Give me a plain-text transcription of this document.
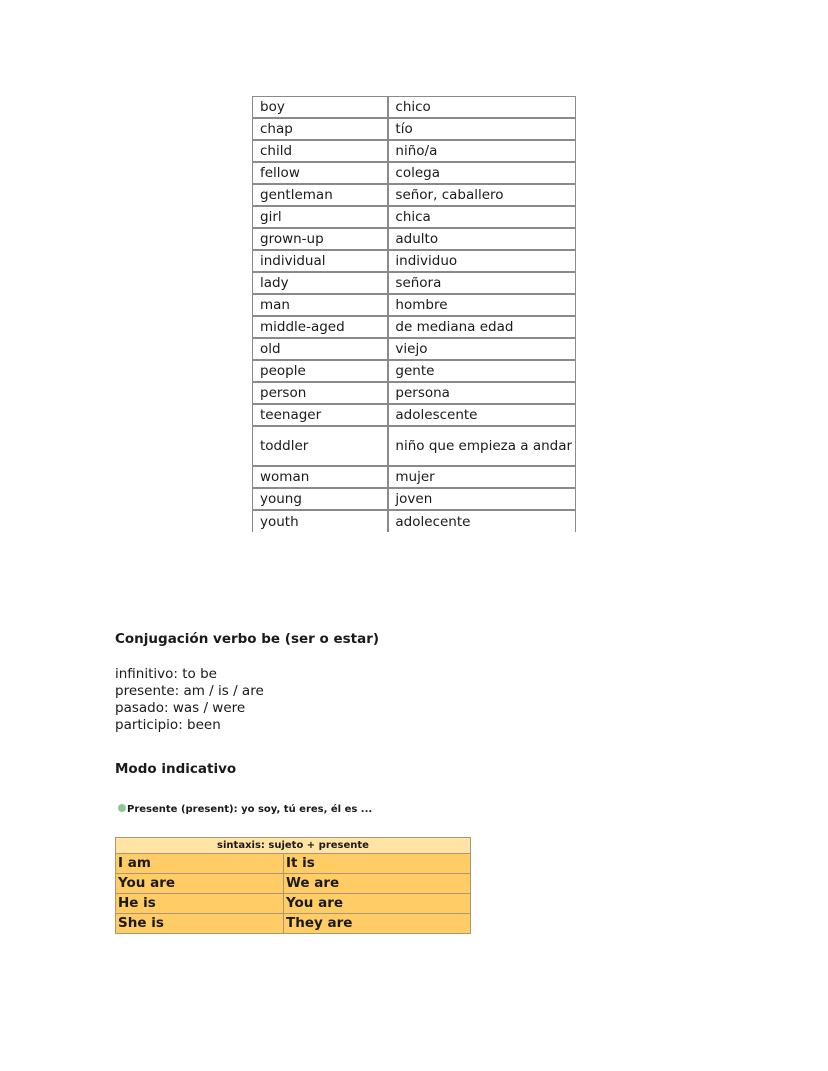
boy	chico
chap	tío
child	niño/a
fellow	colega
gentleman	señor, caballero
girl	chica
grown-up	adulto
individual	individuo
lady	señora
man	hombre
middle-aged	de mediana edad
old	viejo
people	gente
person	persona
teenager	adolescente
toddler	niño que empieza a andar
woman	mujer
young	joven
youth	adolecente
Conjugación verbo be (ser o estar)
infinitivo: to be
presente: am / is / are
pasado: was / were
participio: been
Modo indicativo
Presente (present): yo soy, tú eres, él es ...
sintaxis: sujeto + presente	
I am	It is
You are	We are
He is	You are
She is	They are
